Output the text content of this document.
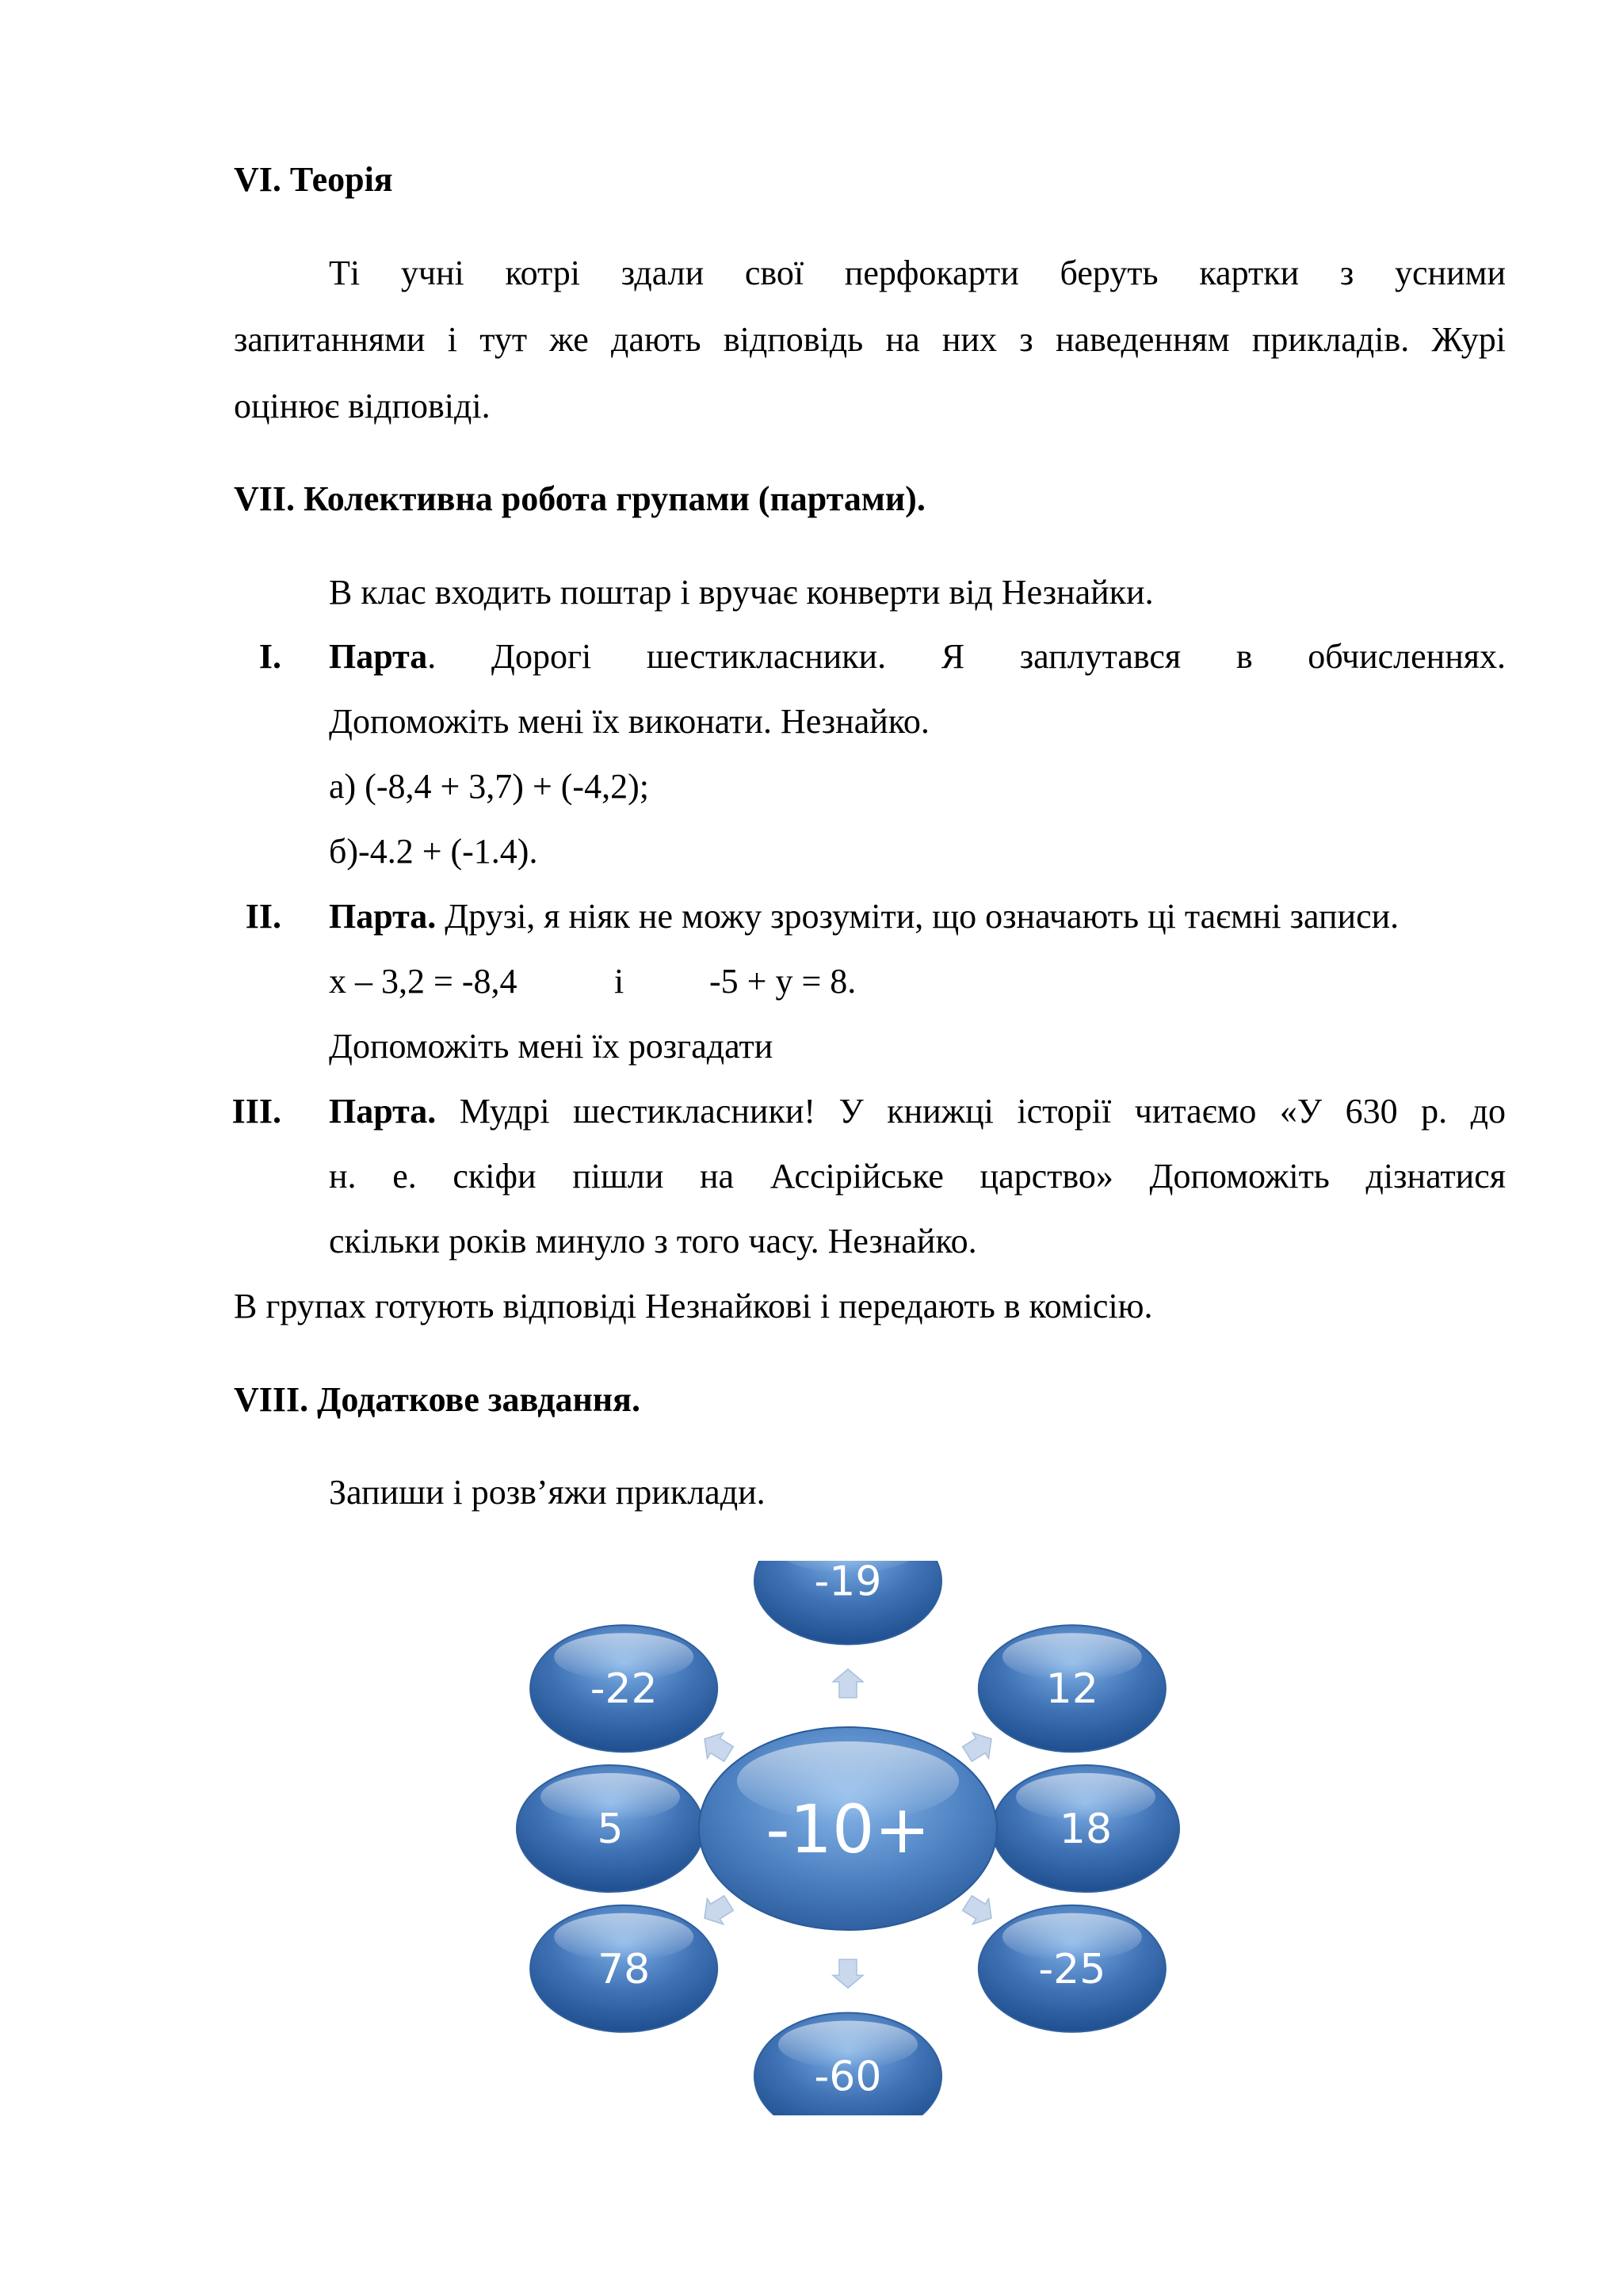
VI. Теорія
Ті учні котрі здали свої перфокарти беруть картки з усними
запитаннями і тут же дають відповідь на них з наведенням прикладів. Журі
оцінює відповіді.
VII. Колективна робота групами (партами).
В клас входить поштар і вручає конверти від Незнайки.
I. Парта. Дорогі шестикласники. Я заплутався в обчисленнях.
Допоможіть мені їх виконати. Незнайко.
а) (-8,4 + 3,7) + (-4,2);
б)-4.2 + (-1.4).
II. Парта. Друзі, я ніяк не можу зрозуміти, що означають ці таємні записи.
x – 3,2 = -8,4	і -5 + y = 8.
Допоможіть мені їх розгадати
III. Парта. Мудрі шестикласники! У книжці історії читаємо «У 630 р. до
н. е. скіфи пішли на Ассірійське царство» Допоможіть дізнатися
скільки років минуло з того часу. Незнайко.
В групах готують відповіді Незнайкові і передають в комісію.
VIII. Додаткове завдання.
Запиши і розв’яжи приклади.
-19
12
18
-25
-60
78
5
-22
-10+
